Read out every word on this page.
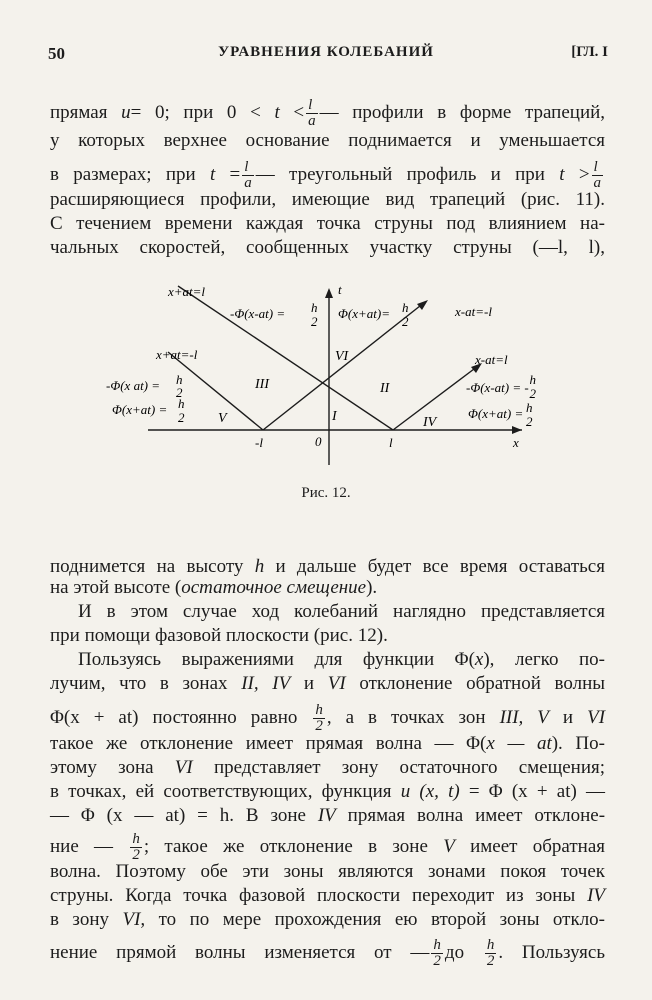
50	УРАВНЕНИЯ КОЛЕБАНИЙ	[ГЛ. I
прямая u= 0; при $0 < t < \frac{l}{a}$ — профили в форме трапеций,
у которых верхнее основание поднимается и уменьшается
в размерах; при $t = \frac{l}{a}$ — треугольный профиль и при $t > \frac{l}{a}$
расширяющиеся профили, имеющие вид трапеций (рис. 11).
С течением времени каждая точка струны под влиянием на-
чальных скоростей, сообщенных участку струны (—l, l),
t
x
0
-l	l
x+at=l
x-at=-l
x+at=-l	x-at=l
-Φ(x-at) = h
2
Φ(x+at)= h
2
-Φ(x at) = h
2
Φ(x+at) = h
2
-Φ(x-at) = -
h
2
Φ(x+at) = h
2
VI
III	II
I
V	IV
Рис. 12.
поднимется на высоту h и дальше будет все время оставаться
на этой высоте (остаточное смещение).
И в этом случае ход колебаний наглядно представляется
при помощи фазовой плоскости (рис. 12).
Пользуясь выражениями для функции Φ(x), легко по-
лучим, что в зонах II, IV и VI отклонение обратной волны
Φ(x + at) постоянно равно $\frac{h}{2}$ , а в точках зон III, V и VI
такое же отклонение имеет прямая волна — Φ(x — at). По-
этому зона VI представляет зону остаточного смещения;
в точках, ей соответствующих, функция u (x, t) = Φ (x + at) —
— Φ (x — at) = h. В зоне IV прямая волна имеет отклоне-
ние — $\frac{h}{2}$ ; такое же отклонение в зоне V имеет обратная
волна. Поэтому обе эти зоны являются зонами покоя точек
струны. Когда точка фазовой плоскости переходит из зоны IV
в зону VI, то по мере прохождения ею второй зоны откло-
нение прямой волны изменяется от — $\frac{h}{2}$ до $\frac{h}{2}$ . Пользуясь
